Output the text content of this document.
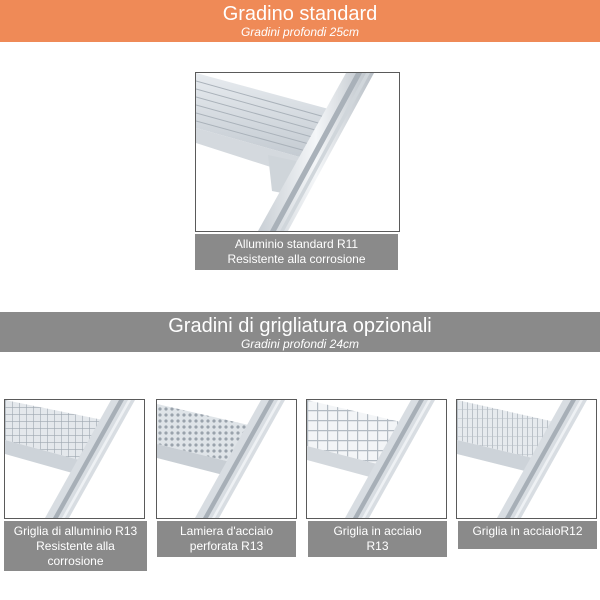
Gradino standard
Gradini profondi 25cm
Alluminio standard R11
Resistente alla corrosione
Gradini di grigliatura opzionali
Gradini profondi 24cm
Griglia di alluminio R13
Resistente alla
corrosione
Lamiera d'acciaio
perforata R13
Griglia in acciaio
R13
Griglia in acciaioR12
